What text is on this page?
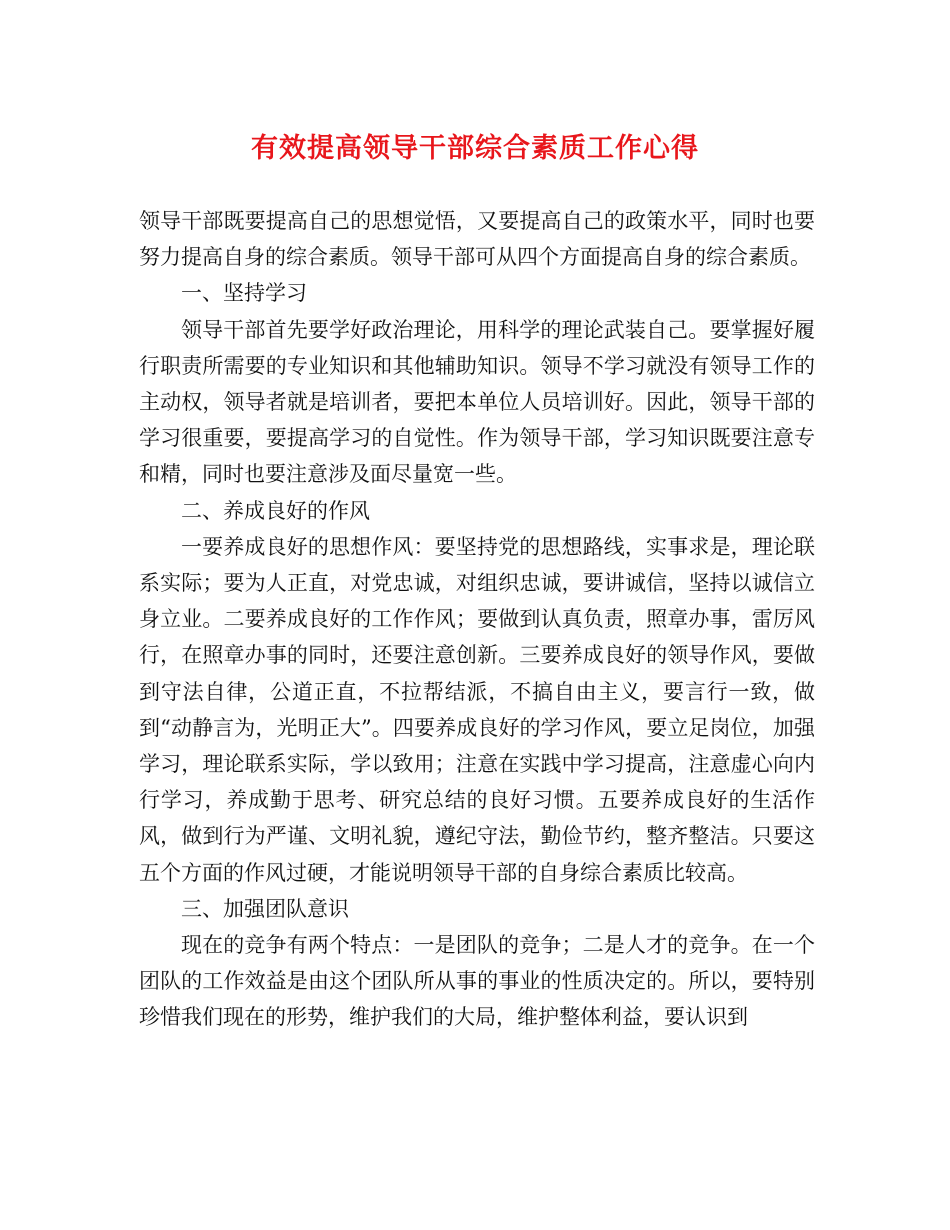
有效提高领导干部综合素质工作心得

领导干部既要提高自己的思想觉悟，又要提高自己的政策水平，同时也要努力提高自身的综合素质。领导干部可从四个方面提高自身的综合素质。

一、坚持学习

领导干部首先要学好政治理论，用科学的理论武装自己。要掌握好履行职责所需要的专业知识和其他辅助知识。领导不学习就没有领导工作的主动权，领导者就是培训者，要把本单位人员培训好。因此，领导干部的学习很重要，要提高学习的自觉性。作为领导干部，学习知识既要注意专和精，同时也要注意涉及面尽量宽一些。

二、养成良好的作风

一要养成良好的思想作风：要坚持党的思想路线，实事求是，理论联系实际；要为人正直，对党忠诚，对组织忠诚，要讲诚信，坚持以诚信立身立业。二要养成良好的工作作风；要做到认真负责，照章办事，雷厉风行，在照章办事的同时，还要注意创新。三要养成良好的领导作风，要做到守法自律，公道正直，不拉帮结派，不搞自由主义，要言行一致，做到“动静言为，光明正大”。四要养成良好的学习作风，要立足岗位，加强学习，理论联系实际，学以致用；注意在实践中学习提高，注意虚心向内行学习，养成勤于思考、研究总结的良好习惯。五要养成良好的生活作风，做到行为严谨、文明礼貌，遵纪守法，勤俭节约，整齐整洁。只要这五个方面的作风过硬，才能说明领导干部的自身综合素质比较高。

三、加强团队意识

现在的竞争有两个特点：一是团队的竞争；二是人才的竞争。在一个团队的工作效益是由这个团队所从事的事业的性质决定的。所以，要特别珍惜我们现在的形势，维护我们的大局，维护整体利益，要认识到
